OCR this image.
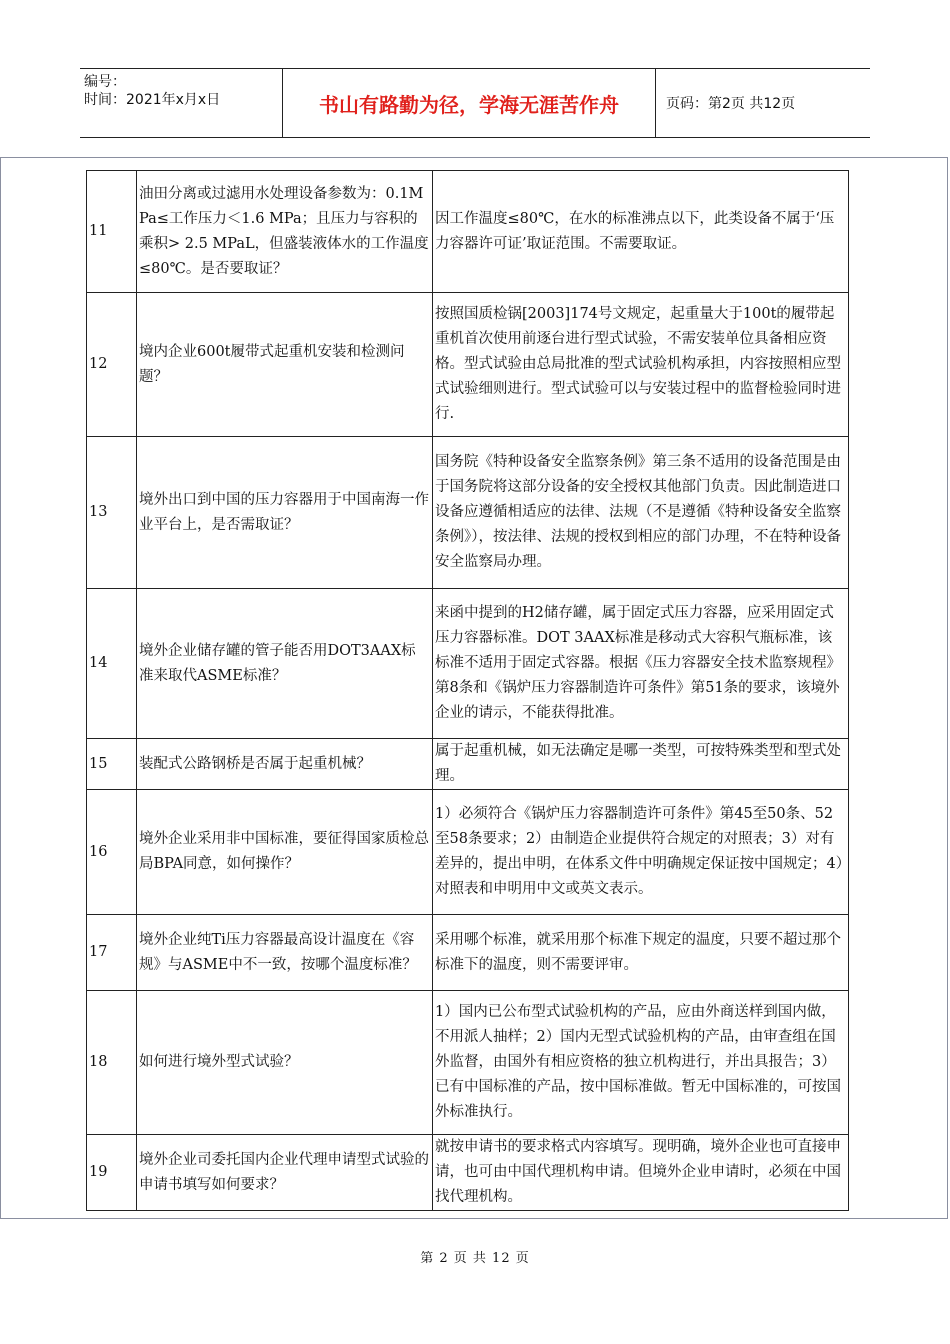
编号：
时间：2021年x月x日	书山有路勤为径，学海无涯苦作舟	页码：第2页 共12页
11	油田分离或过滤用水处理设备参数为：0.1MPa≤工作压力＜1.6 MPa；且压力与容积的乘积> 2.5 MPaL，但盛装液体水的工作温度≤80℃。是否要取证？	因工作温度≤80℃，在水的标准沸点以下，此类设备不属于‘压力容器许可证’取证范围。不需要取证。
12	境内企业600t履带式起重机安装和检测问题？	按照国质检锅[2003]174号文规定，起重量大于100t的履带起重机首次使用前逐台进行型式试验，不需安装单位具备相应资格。型式试验由总局批准的型式试验机构承担，内容按照相应型式试验细则进行。型式试验可以与安装过程中的监督检验同时进行.
13	境外出口到中国的压力容器用于中国南海一作业平台上，是否需取证？	国务院《特种设备安全监察条例》第三条不适用的设备范围是由于国务院将这部分设备的安全授权其他部门负责。因此制造进口设备应遵循相适应的法律、法规（不是遵循《特种设备安全监察条例》），按法律、法规的授权到相应的部门办理，不在特种设备安全监察局办理。
14	境外企业储存罐的管子能否用DOT3AAX标准来取代ASME标准？	来函中提到的H2储存罐，属于固定式压力容器，应采用固定式压力容器标准。DOT 3AAX标准是移动式大容积气瓶标准，该标准不适用于固定式容器。根据《压力容器安全技术监察规程》第8条和《锅炉压力容器制造许可条件》第51条的要求，该境外企业的请示，不能获得批准。
15	装配式公路钢桥是否属于起重机械？	属于起重机械，如无法确定是哪一类型，可按特殊类型和型式处理。
16	境外企业采用非中国标准，要征得国家质检总局BPA同意，如何操作？	1）必须符合《锅炉压力容器制造许可条件》第45至50条、52至58条要求；2）由制造企业提供符合规定的对照表；3）对有差异的，提出申明，在体系文件中明确规定保证按中国规定；4）对照表和申明用中文或英文表示。
17	境外企业纯Ti压力容器最高设计温度在《容规》与ASME中不一致，按哪个温度标准？	采用哪个标准，就采用那个标准下规定的温度，只要不超过那个标准下的温度，则不需要评审。
18	如何进行境外型式试验？	1）国内已公布型式试验机构的产品，应由外商送样到国内做，不用派人抽样；2）国内无型式试验机构的产品，由审查组在国外监督，由国外有相应资格的独立机构进行，并出具报告；3）已有中国标准的产品，按中国标准做。暂无中国标准的，可按国外标准执行。
19	境外企业司委托国内企业代理申请型式试验的申请书填写如何要求？	就按申请书的要求格式内容填写。现明确，境外企业也可直接申请，也可由中国代理机构申请。但境外企业申请时，必须在中国找代理机构。
第 2 页 共 12 页
